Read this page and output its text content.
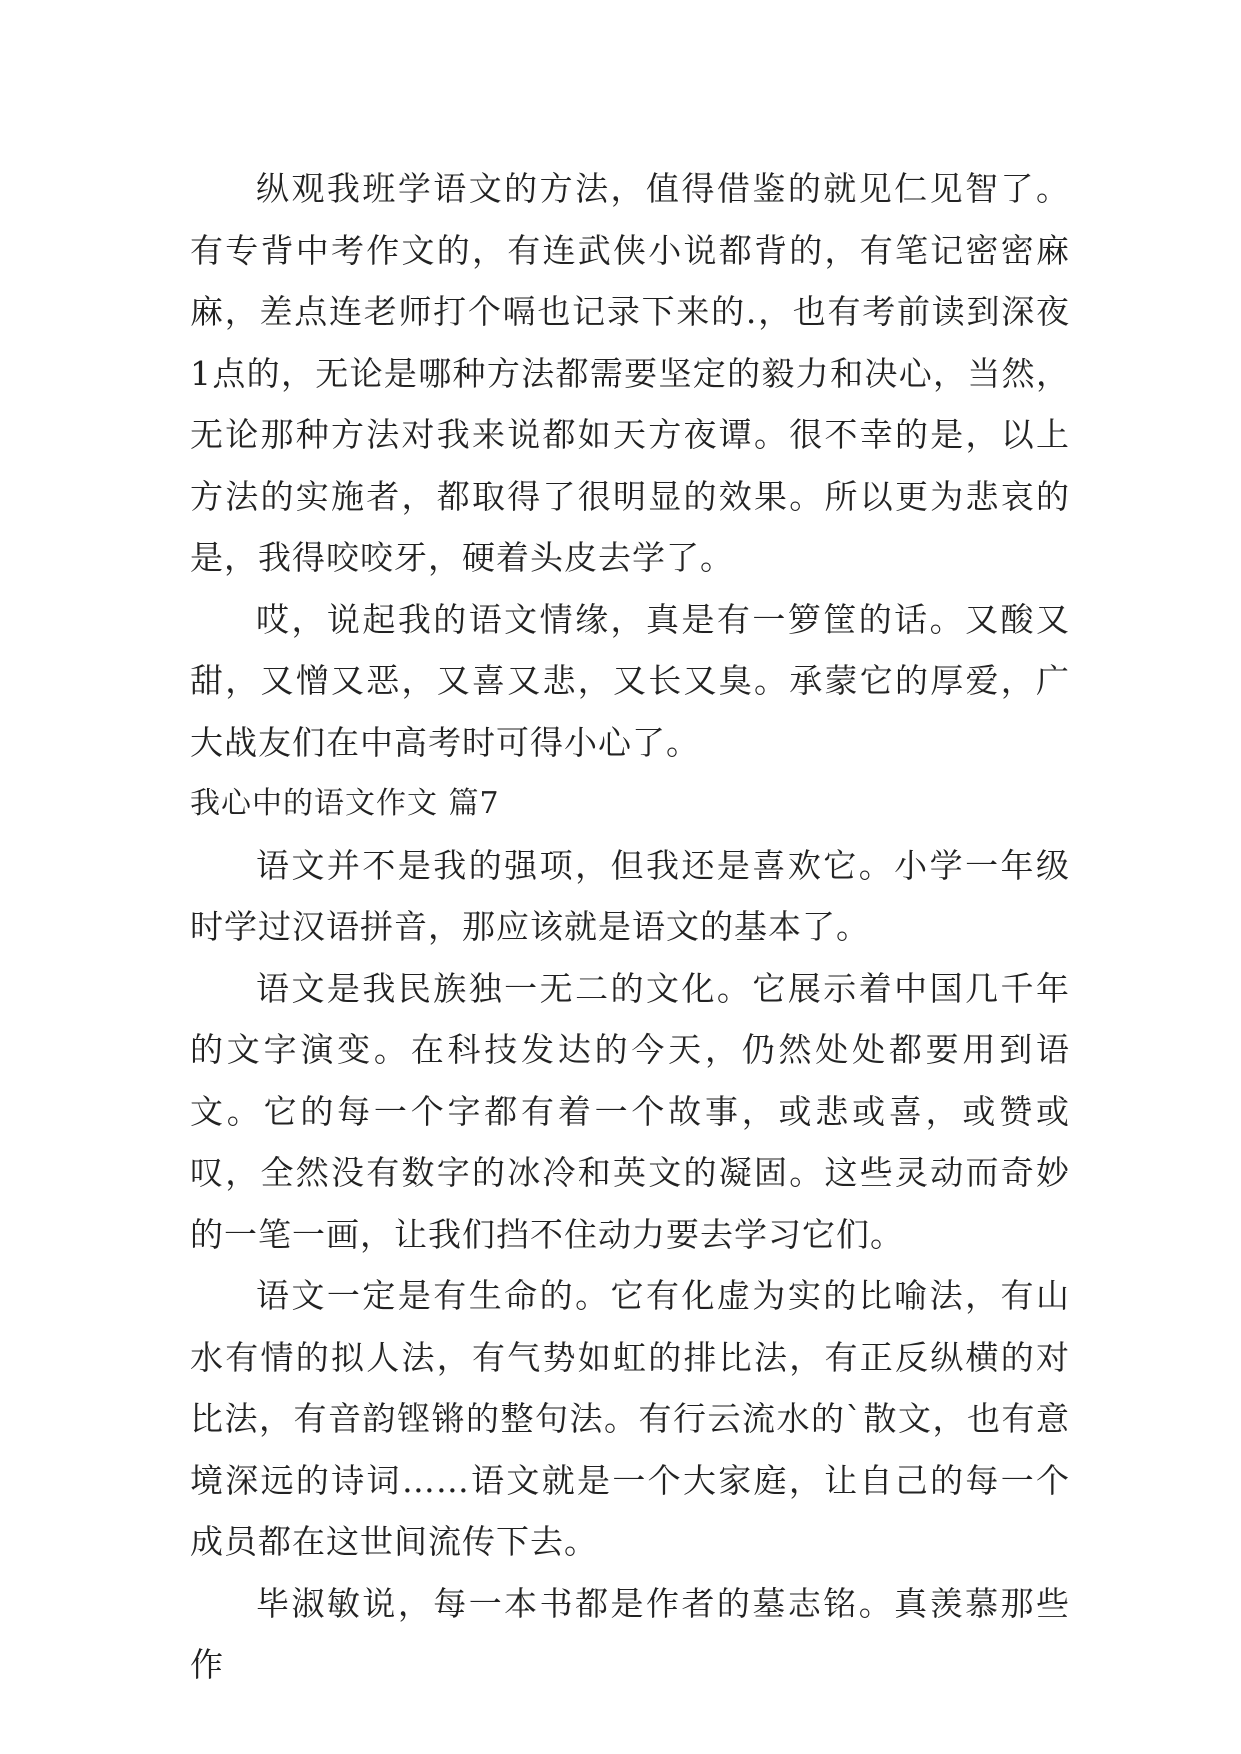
纵观我班学语文的方法，值得借鉴的就见仁见智了。有专背中考作文的，有连武侠小说都背的，有笔记密密麻麻，差点连老师打个嗝也记录下来的.，也有考前读到深夜1点的，无论是哪种方法都需要坚定的毅力和决心，当然，无论那种方法对我来说都如天方夜谭。很不幸的是，以上方法的实施者，都取得了很明显的效果。所以更为悲哀的是，我得咬咬牙，硬着头皮去学了。

哎，说起我的语文情缘，真是有一箩筐的话。又酸又甜，又憎又恶，又喜又悲，又长又臭。承蒙它的厚爱，广大战友们在中高考时可得小心了。

我心中的语文作文 篇7

语文并不是我的强项，但我还是喜欢它。小学一年级时学过汉语拼音，那应该就是语文的基本了。

语文是我民族独一无二的文化。它展示着中国几千年的文字演变。在科技发达的今天，仍然处处都要用到语文。它的每一个字都有着一个故事，或悲或喜，或赞或叹，全然没有数字的冰冷和英文的凝固。这些灵动而奇妙的一笔一画，让我们挡不住动力要去学习它们。

语文一定是有生命的。它有化虚为实的比喻法，有山水有情的拟人法，有气势如虹的排比法，有正反纵横的对比法，有音韵铿锵的整句法。有行云流水的`散文，也有意境深远的诗词……语文就是一个大家庭，让自己的每一个成员都在这世间流传下去。

毕淑敏说，每一本书都是作者的墓志铭。真羡慕那些作
